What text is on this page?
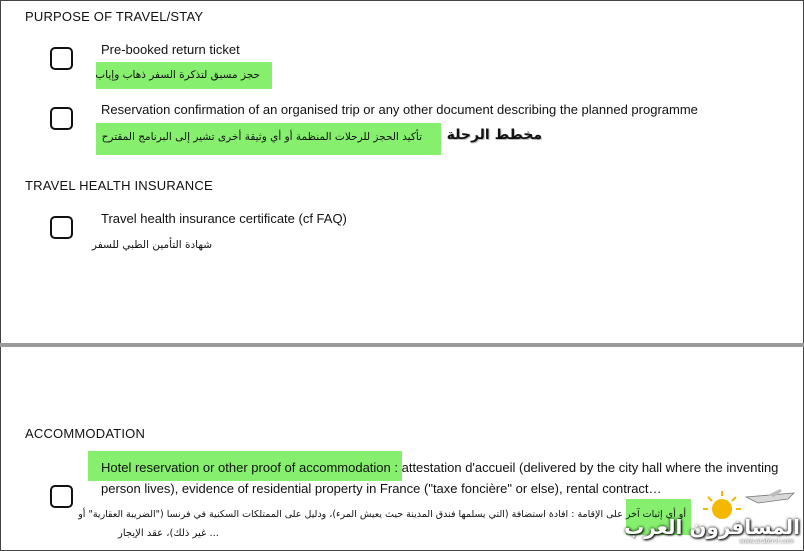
PURPOSE OF TRAVEL/STAY
Pre-booked return ticket
حجز مسبق لتذكرة السفر ذهاب وإياب
Reservation confirmation of an organised trip or any other document describing the planned programme
تأكيد الحجز للرحلات المنظمة أو أي وثيقة أخرى تشير إلى البرنامج المقترح مخطط الرحلة
TRAVEL HEALTH INSURANCE
Travel health insurance certificate (cf FAQ)
شهادة التأمين الطبي للسفر
ACCOMMODATION
Hotel reservation or other proof of accommodation : attestation d'accueil (delivered by the city hall where the inventing
person lives), evidence of residential property in France ("taxe foncière" or else), rental contract…
أو أي إثبات آخر على الإقامة : افادة استضافة (التي يسلمها فندق المدينة حيث يعيش المرء)، ودليل على الممتلكات السكنية في فرنسا ("الضريبة العقارية" أو
... غير ذلك)، عقد الإيجار	المسافرون العرب
www.arabtrvl.com
